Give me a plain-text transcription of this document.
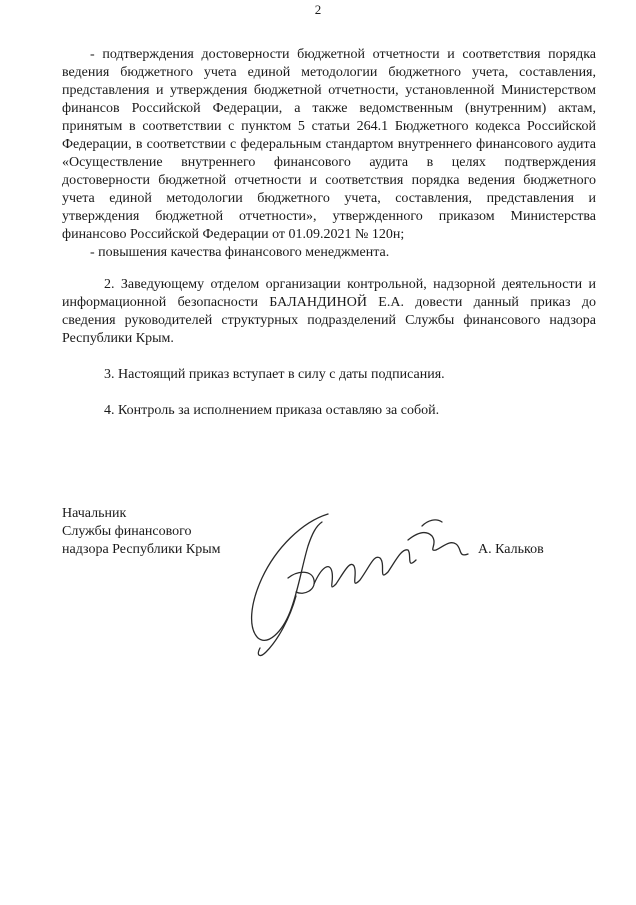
2

- подтверждения достоверности бюджетной отчетности и соответствия порядка ведения бюджетного учета единой методологии бюджетного учета, составления, представления и утверждения бюджетной отчетности, установленной Министерством финансов Российской Федерации, а также ведомственным (внутренним) актам, принятым в соответствии с пунктом 5 статьи 264.1 Бюджетного кодекса Российской Федерации, в соответствии с федеральным стандартом внутреннего финансового аудита «Осуществление внутреннего финансового аудита в целях подтверждения достоверности бюджетной отчетности и соответствия порядка ведения бюджетного учета единой методологии бюджетного учета, составления, представления и утверждения бюджетной отчетности», утвержденного приказом Министерства финансово Российской Федерации от 01.09.2021 № 120н;

- повышения качества финансового менеджмента.

2. Заведующему отделом организации контрольной, надзорной деятельности и информационной безопасности БАЛАНДИНОЙ Е.А. довести данный приказ до сведения руководителей структурных подразделений Службы финансового надзора Республики Крым.

3. Настоящий приказ вступает в силу с даты подписания.

4. Контроль за исполнением приказа оставляю за собой.

Начальник
Службы финансового
надзора Республики Крым	А. Кальков
